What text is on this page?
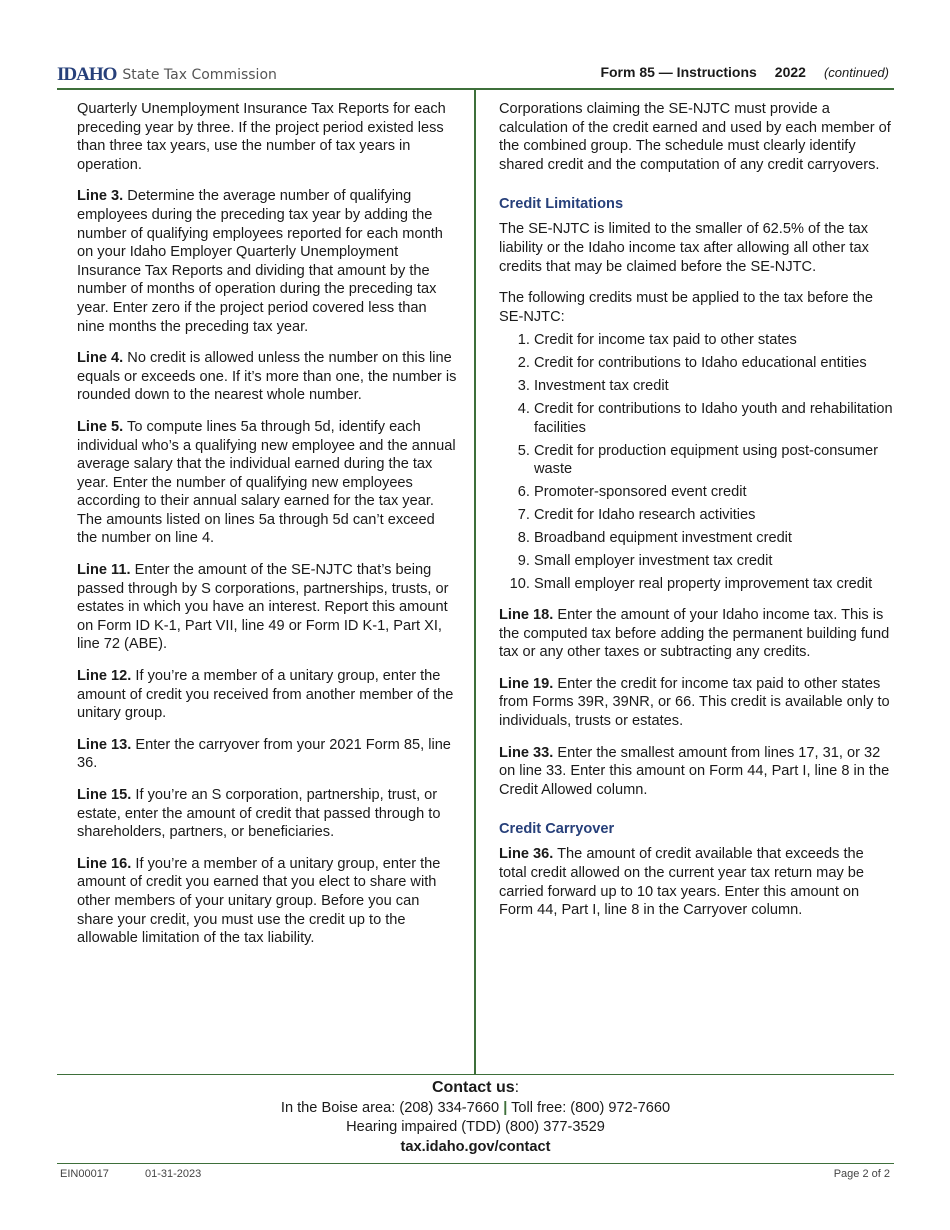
IDAHO State Tax Commission	Form 85 — Instructions 2022 (continued)

Quarterly Unemployment Insurance Tax Reports for each preceding year by three. If the project period existed less than three tax years, use the number of tax years in operation.

Line 3. Determine the average number of qualifying employees during the preceding tax year by adding the number of qualifying employees reported for each month on your Idaho Employer Quarterly Unemployment Insurance Tax Reports and dividing that amount by the number of months of operation during the preceding tax year. Enter zero if the project period covered less than nine months the preceding tax year.

Line 4. No credit is allowed unless the number on this line equals or exceeds one. If it’s more than one, the number is rounded down to the nearest whole number.

Line 5. To compute lines 5a through 5d, identify each individual who’s a qualifying new employee and the annual average salary that the individual earned during the tax year. Enter the number of qualifying new employees according to their annual salary earned for the tax year. The amounts listed on lines 5a through 5d can’t exceed the number on line 4.

Line 11. Enter the amount of the SE-NJTC that’s being passed through by S corporations, partnerships, trusts, or estates in which you have an interest. Report this amount on Form ID K-1, Part VII, line 49 or Form ID K-1, Part XI, line 72 (ABE).

Line 12. If you’re a member of a unitary group, enter the amount of credit you received from another member of the unitary group.

Line 13. Enter the carryover from your 2021 Form 85, line 36.

Line 15. If you’re an S corporation, partnership, trust, or estate, enter the amount of credit that passed through to shareholders, partners, or beneficiaries.

Line 16. If you’re a member of a unitary group, enter the amount of credit you earned that you elect to share with other members of your unitary group. Before you can share your credit, you must use the credit up to the allowable limitation of the tax liability.

Corporations claiming the SE-NJTC must provide a calculation of the credit earned and used by each member of the combined group. The schedule must clearly identify shared credit and the computation of any credit carryovers.

Credit Limitations

The SE-NJTC is limited to the smaller of 62.5% of the tax liability or the Idaho income tax after allowing all other tax credits that may be claimed before the SE-NJTC.

The following credits must be applied to the tax before the SE-NJTC:

1. Credit for income tax paid to other states
2. Credit for contributions to Idaho educational entities
3. Investment tax credit
4. Credit for contributions to Idaho youth and rehabilitation facilities
5. Credit for production equipment using post-consumer waste
6. Promoter-sponsored event credit
7. Credit for Idaho research activities
8. Broadband equipment investment credit
9. Small employer investment tax credit
10. Small employer real property improvement tax credit

Line 18. Enter the amount of your Idaho income tax. This is the computed tax before adding the permanent building fund tax or any other taxes or subtracting any credits.

Line 19. Enter the credit for income tax paid to other states from Forms 39R, 39NR, or 66. This credit is available only to individuals, trusts or estates.

Line 33. Enter the smallest amount from lines 17, 31, or 32 on line 33. Enter this amount on Form 44, Part I, line 8 in the Credit Allowed column.

Credit Carryover

Line 36. The amount of credit available that exceeds the total credit allowed on the current year tax return may be carried forward up to 10 tax years. Enter this amount on Form 44, Part I, line 8 in the Carryover column.

Contact us:
In the Boise area: (208) 334-7660 | Toll free: (800) 972-7660
Hearing impaired (TDD) (800) 377-3529
tax.idaho.gov/contact
EIN00017	01-31-2023	Page 2 of 2
